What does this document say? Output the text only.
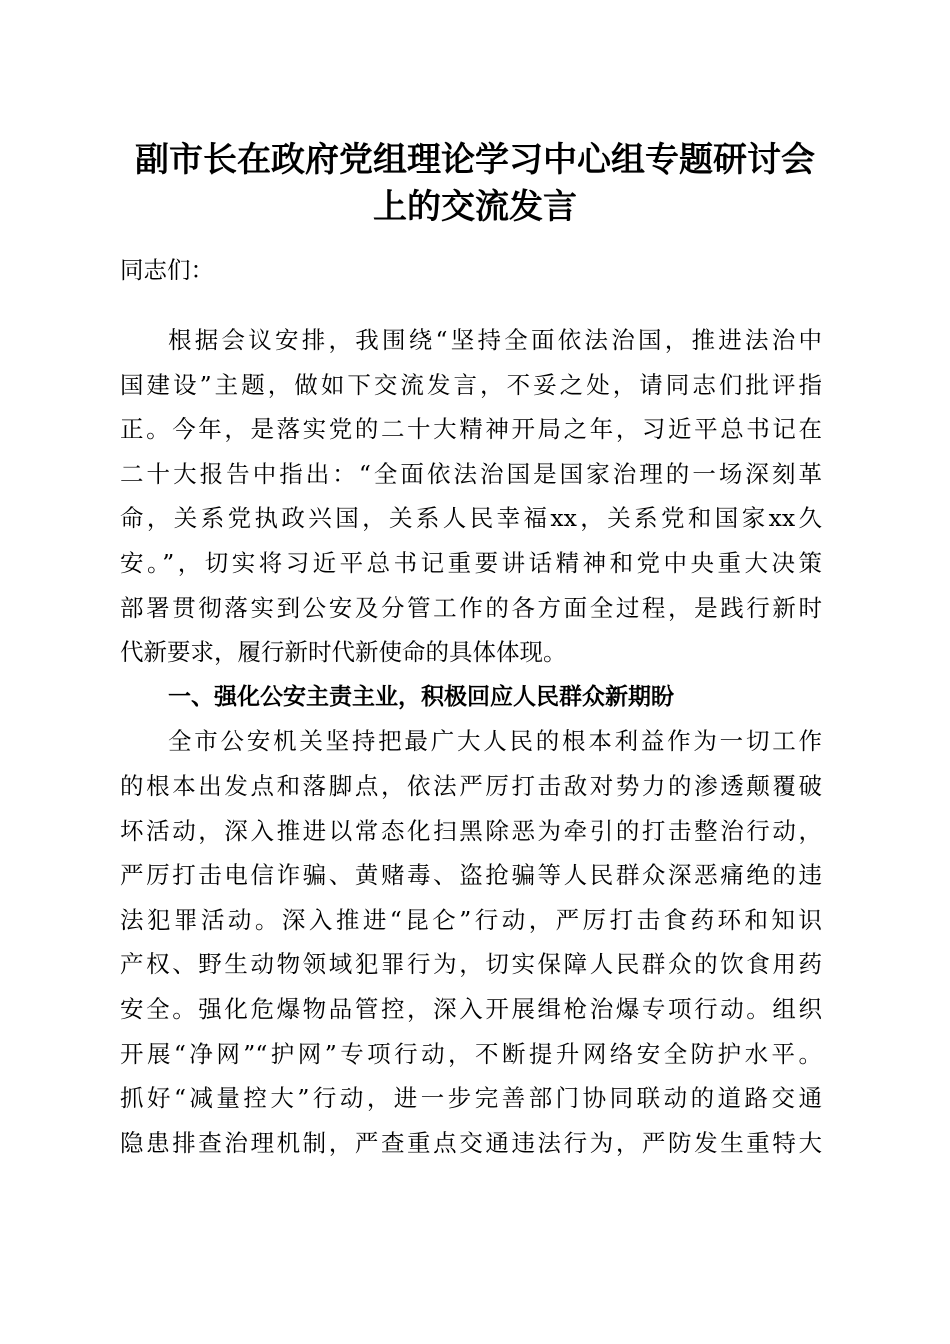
副市长在政府党组理论学习中心组专题研讨会
上的交流发言
同志们：
根据会议安排，我围绕“坚持全面依法治国，推进法治中
国建设”主题，做如下交流发言，不妥之处，请同志们批评指
正。今年，是落实党的二十大精神开局之年，习近平总书记在
二十大报告中指出：“全面依法治国是国家治理的一场深刻革
命，关系党执政兴国，关系人民幸福xx，关系党和国家xx久
安。”，切实将习近平总书记重要讲话精神和党中央重大决策
部署贯彻落实到公安及分管工作的各方面全过程，是践行新时
代新要求，履行新时代新使命的具体体现。
一、强化公安主责主业，积极回应人民群众新期盼
全市公安机关坚持把最广大人民的根本利益作为一切工作
的根本出发点和落脚点，依法严厉打击敌对势力的渗透颠覆破
坏活动，深入推进以常态化扫黑除恶为牵引的打击整治行动，
严厉打击电信诈骗、黄赌毒、盗抢骗等人民群众深恶痛绝的违
法犯罪活动。深入推进“昆仑”行动，严厉打击食药环和知识
产权、野生动物领域犯罪行为，切实保障人民群众的饮食用药
安全。强化危爆物品管控，深入开展缉枪治爆专项行动。组织
开展“净网”“护网”专项行动，不断提升网络安全防护水平。
抓好“减量控大”行动，进一步完善部门协同联动的道路交通
隐患排查治理机制，严查重点交通违法行为，严防发生重特大
